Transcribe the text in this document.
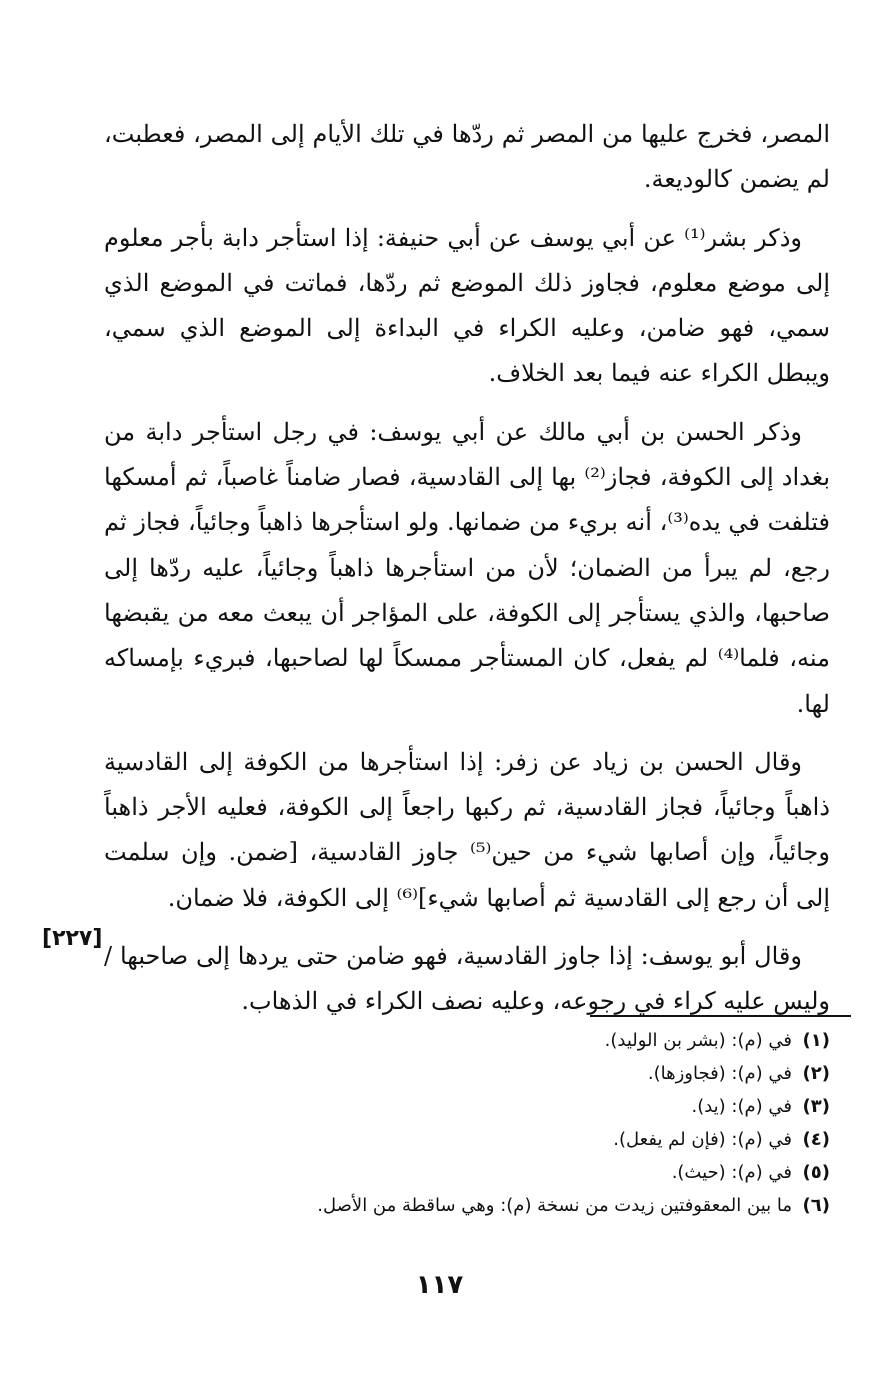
المصر، فخرج عليها من المصر ثم ردّها في تلك الأيام إلى المصر، فعطبت، لم يضمن كالوديعة.

وذكر بشر⁽¹⁾ عن أبي يوسف عن أبي حنيفة: إذا استأجر دابة بأجر معلوم إلى موضع معلوم، فجاوز ذلك الموضع ثم ردّها، فماتت في الموضع الذي سمي، فهو ضامن، وعليه الكراء في البداءة إلى الموضع الذي سمي، ويبطل الكراء عنه فيما بعد الخلاف.

وذكر الحسن بن أبي مالك عن أبي يوسف: في رجل استأجر دابة من بغداد إلى الكوفة، فجاز⁽²⁾ بها إلى القادسية، فصار ضامناً غاصباً، ثم أمسكها فتلفت في يده⁽³⁾، أنه بريء من ضمانها. ولو استأجرها ذاهباً وجائياً، فجاز ثم رجع، لم يبرأ من الضمان؛ لأن من استأجرها ذاهباً وجائياً، عليه ردّها إلى صاحبها، والذي يستأجر إلى الكوفة، على المؤاجر أن يبعث معه من يقبضها منه، فلما⁽⁴⁾ لم يفعل، كان المستأجر ممسكاً لها لصاحبها، فبريء بإمساكه لها.

وقال الحسن بن زياد عن زفر: إذا استأجرها من الكوفة إلى القادسية ذاهباً وجائياً، فجاز القادسية، ثم ركبها راجعاً إلى الكوفة، فعليه الأجر ذاهباً وجائياً، وإن أصابها شيء من حين⁽⁵⁾ جاوز القادسية، [ضمن. وإن سلمت إلى أن رجع إلى القادسية ثم أصابها شيء]⁽⁶⁾ إلى الكوفة، فلا ضمان.

وقال أبو يوسف: إذا جاوز القادسية، فهو ضامن حتى يردها إلى صاحبها / وليس عليه كراء في رجوعه، وعليه نصف الكراء في الذهاب.

[٢٢٧]

(١)في (م): (بشر بن الوليد).

(٢)في (م): (فجاوزها).

(٣)في (م): (يد).

(٤)في (م): (فإن لم يفعل).

(٥)في (م): (حيث).

(٦)ما بين المعقوفتين زيدت من نسخة (م): وهي ساقطة من الأصل.

١١٧
